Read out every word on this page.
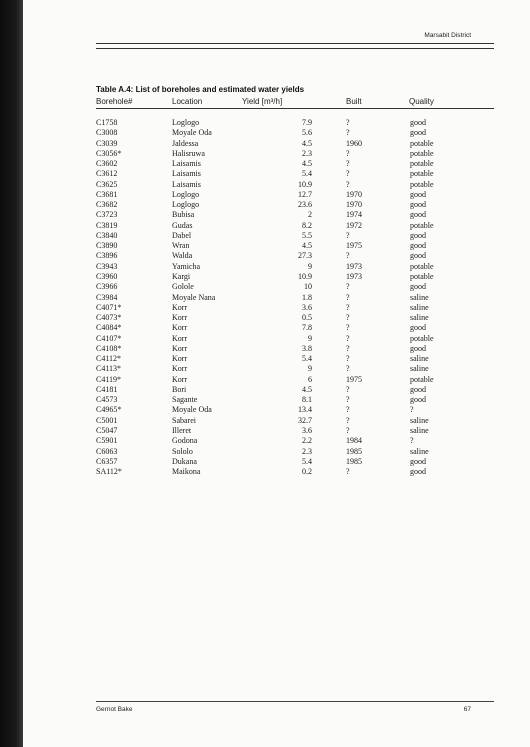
Marsabit District
Table A.4: List of boreholes and estimated water yields
Borehole#	Location	Yield [m³/h]	Built	Quality
C1758	Loglogo	7.9	?	good
C3008	Moyale Oda	5.6	?	good
C3039	Jaldessa	4.5	1960	potable
C3056*	Halisruwa	2.3	?	potable
C3602	Laisamis	4.5	?	potable
C3612	Laisamis	5.4	?	potable
C3625	Laisamis	10.9	?	potable
C3681	Loglogo	12.7	1970	good
C3682	Loglogo	23.6	1970	good
C3723	Bubisa	2	1974	good
C3819	Gudas	8.2	1972	potable
C3840	Dabel	5.5	?	good
C3890	Wran	4.5	1975	good
C3896	Walda	27.3	?	good
C3943	Yamicha	9	1973	potable
C3960	Kargi	10.9	1973	potable
C3966	Golole	10	?	good
C3984	Moyale Nana	1.8	?	saline
C4071*	Korr	3.6	?	saline
C4073*	Korr	0.5	?	saline
C4084*	Korr	7.8	?	good
C4107*	Korr	9	?	potable
C4108*	Korr	3.8	?	good
C4112*	Korr	5.4	?	saline
C4113*	Korr	9	?	saline
C4119*	Korr	6	1975	potable
C4181	Bori	4.5	?	good
C4573	Sagante	8.1	?	good
C4965*	Moyale Oda	13.4	?	?
C5001	Sabarei	32.7	?	saline
C5047	Illeret	3.6	?	saline
C5901	Godona	2.2	1984	?
C6063	Sololo	2.3	1985	saline
C6357	Dukana	5.4	1985	good
SA112*	Maikona	0.2	?	good
Gernot Bake	67
